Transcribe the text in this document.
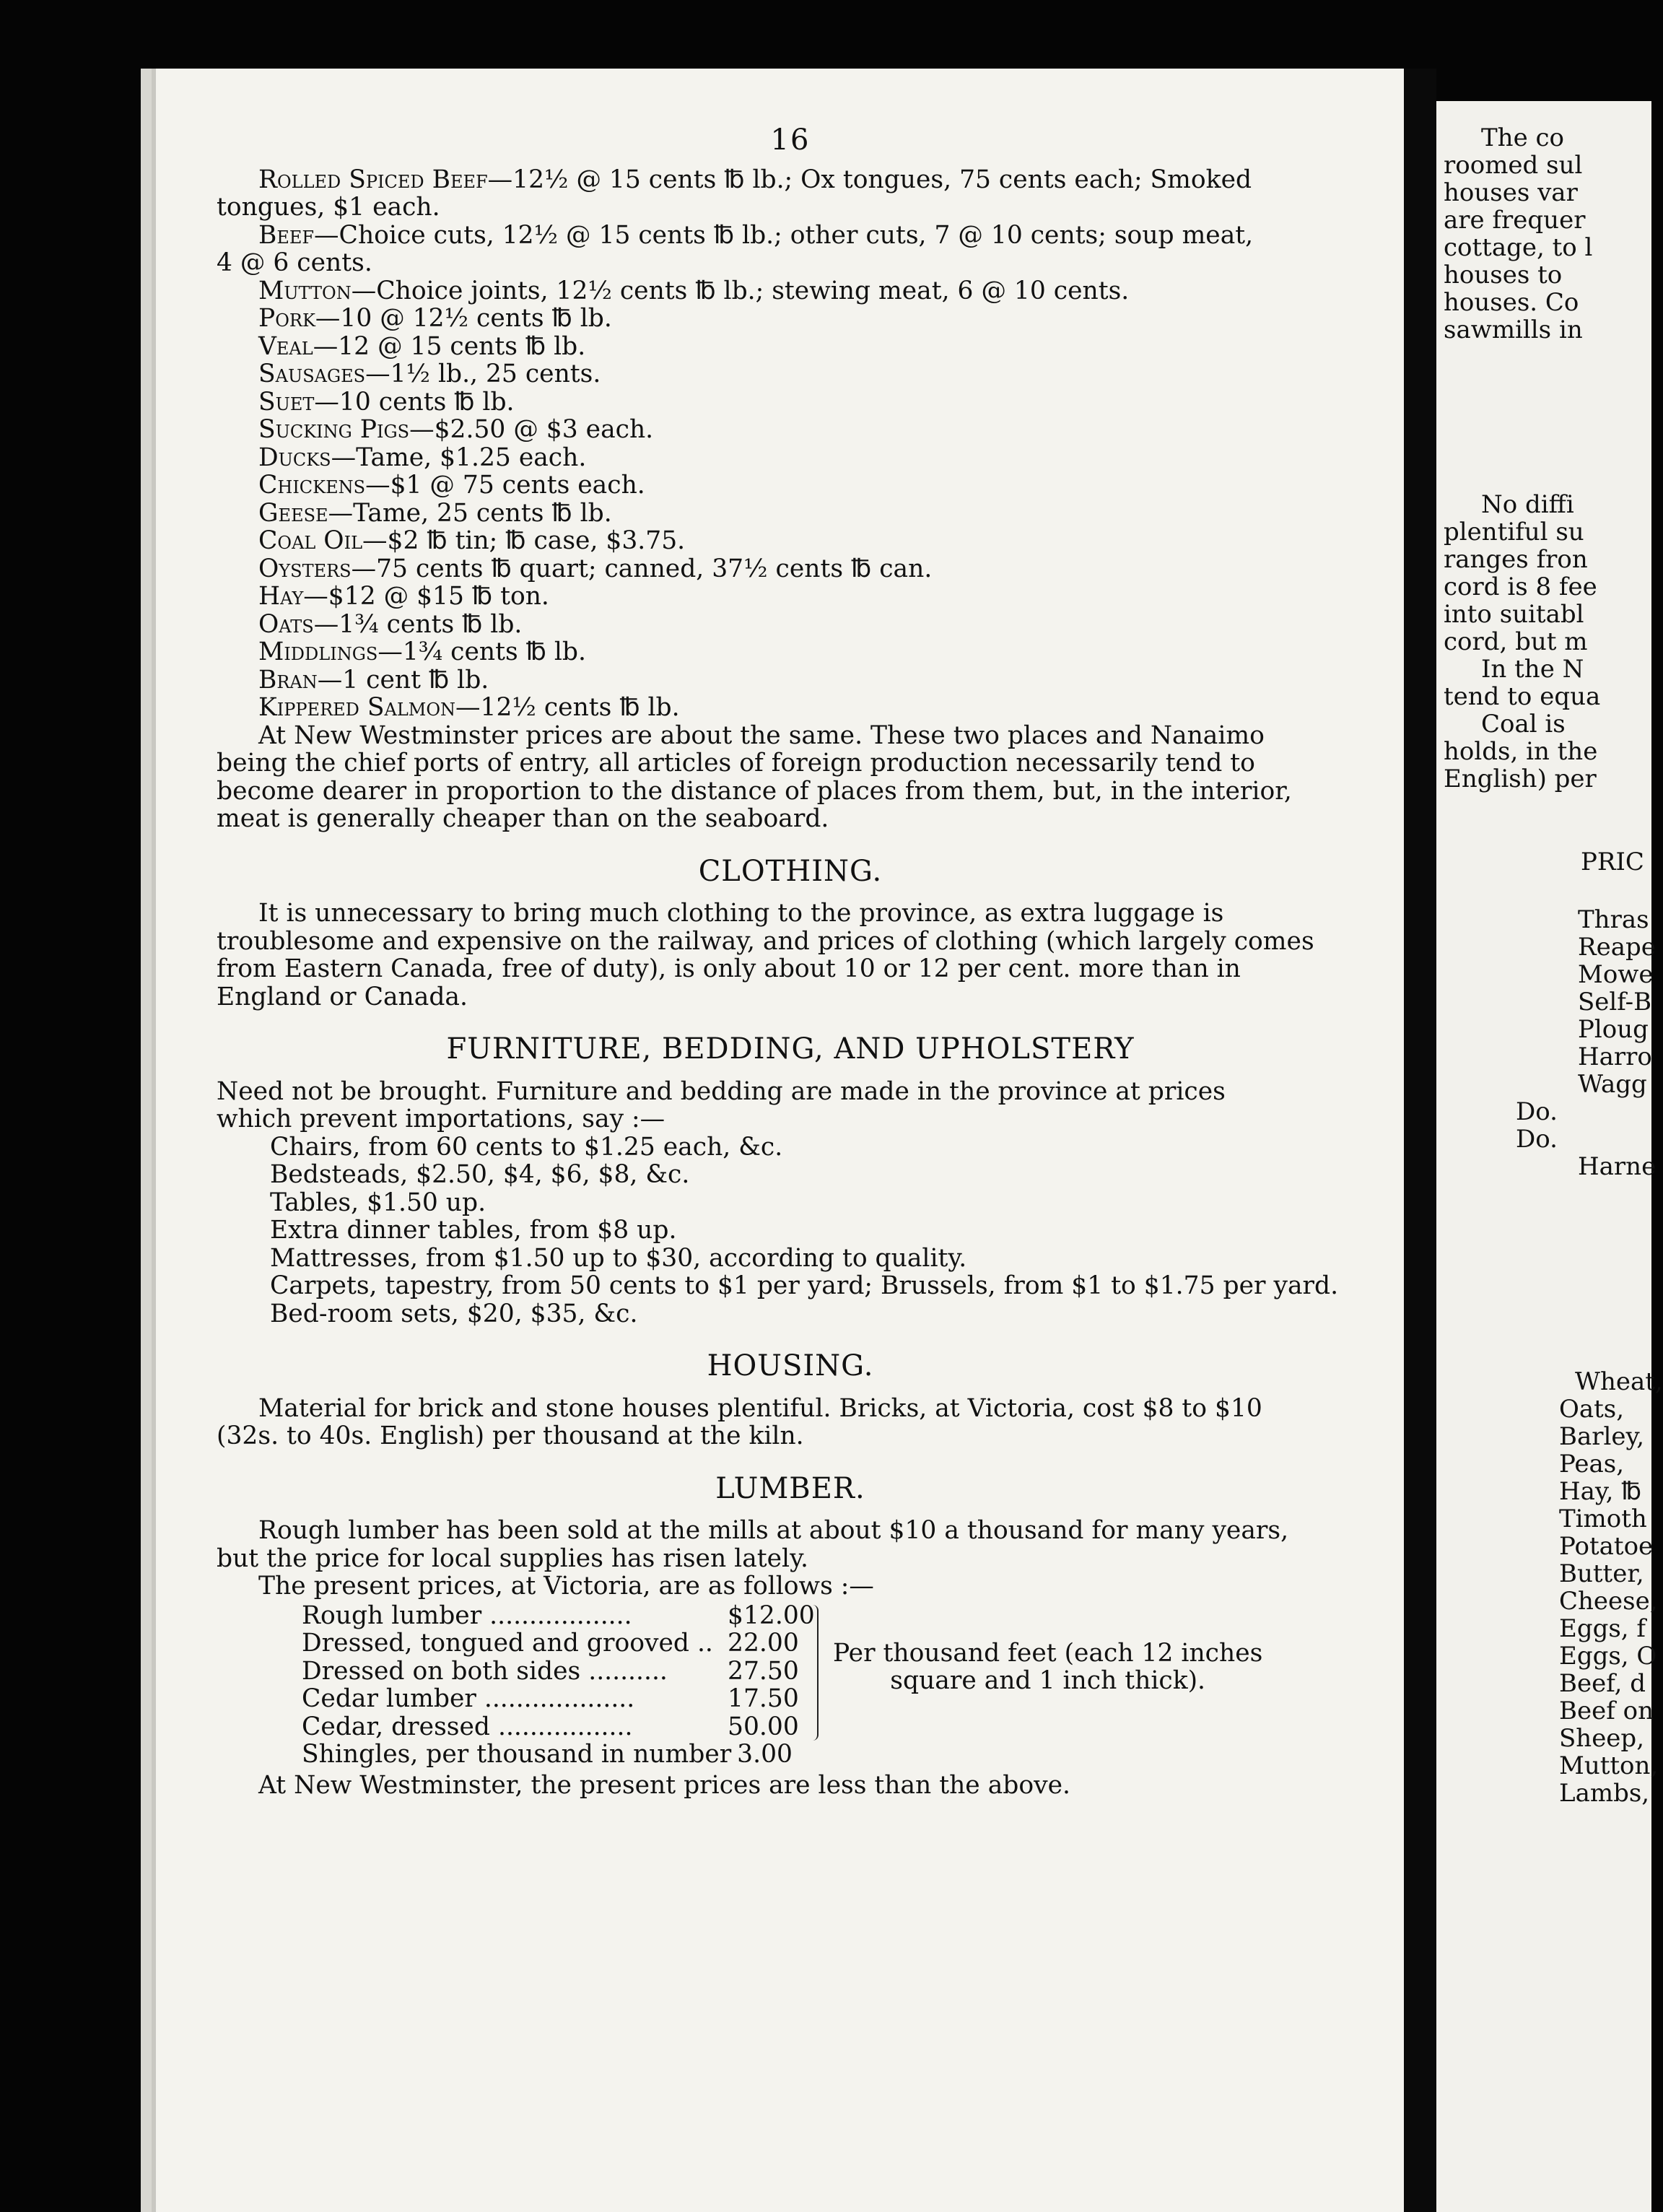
16
Rolled Spiced Beef—12½ @ 15 cents ℔ lb.; Ox tongues, 75 cents each; Smoked
tongues, $1 each.
Beef—Choice cuts, 12½ @ 15 cents ℔ lb.; other cuts, 7 @ 10 cents; soup meat,
4 @ 6 cents.
Mutton—Choice joints, 12½ cents ℔ lb.; stewing meat, 6 @ 10 cents.
Pork—10 @ 12½ cents ℔ lb.
Veal—12 @ 15 cents ℔ lb.
Sausages—1½ lb., 25 cents.
Suet—10 cents ℔ lb.
Sucking Pigs—$2.50 @ $3 each.
Ducks—Tame, $1.25 each.
Chickens—$1 @ 75 cents each.
Geese—Tame, 25 cents ℔ lb.
Coal Oil—$2 ℔ tin; ℔ case, $3.75.
Oysters—75 cents ℔ quart; canned, 37½ cents ℔ can.
Hay—$12 @ $15 ℔ ton.
Oats—1¾ cents ℔ lb.
Middlings—1¾ cents ℔ lb.
Bran—1 cent ℔ lb.
Kippered Salmon—12½ cents ℔ lb.
At New Westminster prices are about the same. These two places and Nanaimo
being the chief ports of entry, all articles of foreign production necessarily tend to
become dearer in proportion to the distance of places from them, but, in the interior,
meat is generally cheaper than on the seaboard.
CLOTHING.
It is unnecessary to bring much clothing to the province, as extra luggage is
troublesome and expensive on the railway, and prices of clothing (which largely comes
from Eastern Canada, free of duty), is only about 10 or 12 per cent. more than in
England or Canada.
FURNITURE, BEDDING, AND UPHOLSTERY
Need not be brought. Furniture and bedding are made in the province at prices
which prevent importations, say :—
Chairs, from 60 cents to $1.25 each, &c.
Bedsteads, $2.50, $4, $6, $8, &c.
Tables, $1.50 up.
Extra dinner tables, from $8 up.
Mattresses, from $1.50 up to $30, according to quality.
Carpets, tapestry, from 50 cents to $1 per yard; Brussels, from $1 to $1.75 per yard.
Bed-room sets, $20, $35, &c.
HOUSING.
Material for brick and stone houses plentiful. Bricks, at Victoria, cost $8 to $10
(32s. to 40s. English) per thousand at the kiln.
LUMBER.
Rough lumber has been sold at the mills at about $10 a thousand for many years,
but the price for local supplies has risen lately.
The present prices, at Victoria, are as follows :—
Rough lumber ..................	$12.00
Dressed, tongued and grooved .. 22.00
Dressed on both sides ..........	27.50
Cedar lumber ...................	17.50
Cedar, dressed .................	50.00
Shingles, per thousand in number 3.00
Per thousand feet (each 12 inches
square and 1 inch thick).
At New Westminster, the present prices are less than the above.
The co
roomed sul
houses var
are frequer
cottage, to l
houses to
houses. Co
sawmills in
No diffi
plentiful su
ranges fron
cord is 8 fee
into suitabl
cord, but m
In the N
tend to equa
Coal is
holds, in the
English) per
PRIC
Thras
Reape
Mowe
Self-B
Ploug
Harro
Wagg
Do.
Do.
Harne
Wheat,
Oats,
Barley,
Peas,
Hay, ℔
Timoth
Potatoe
Butter,
Cheese,
Eggs, f
Eggs, O
Beef, d
Beef on
Sheep,
Mutton,
Lambs,
